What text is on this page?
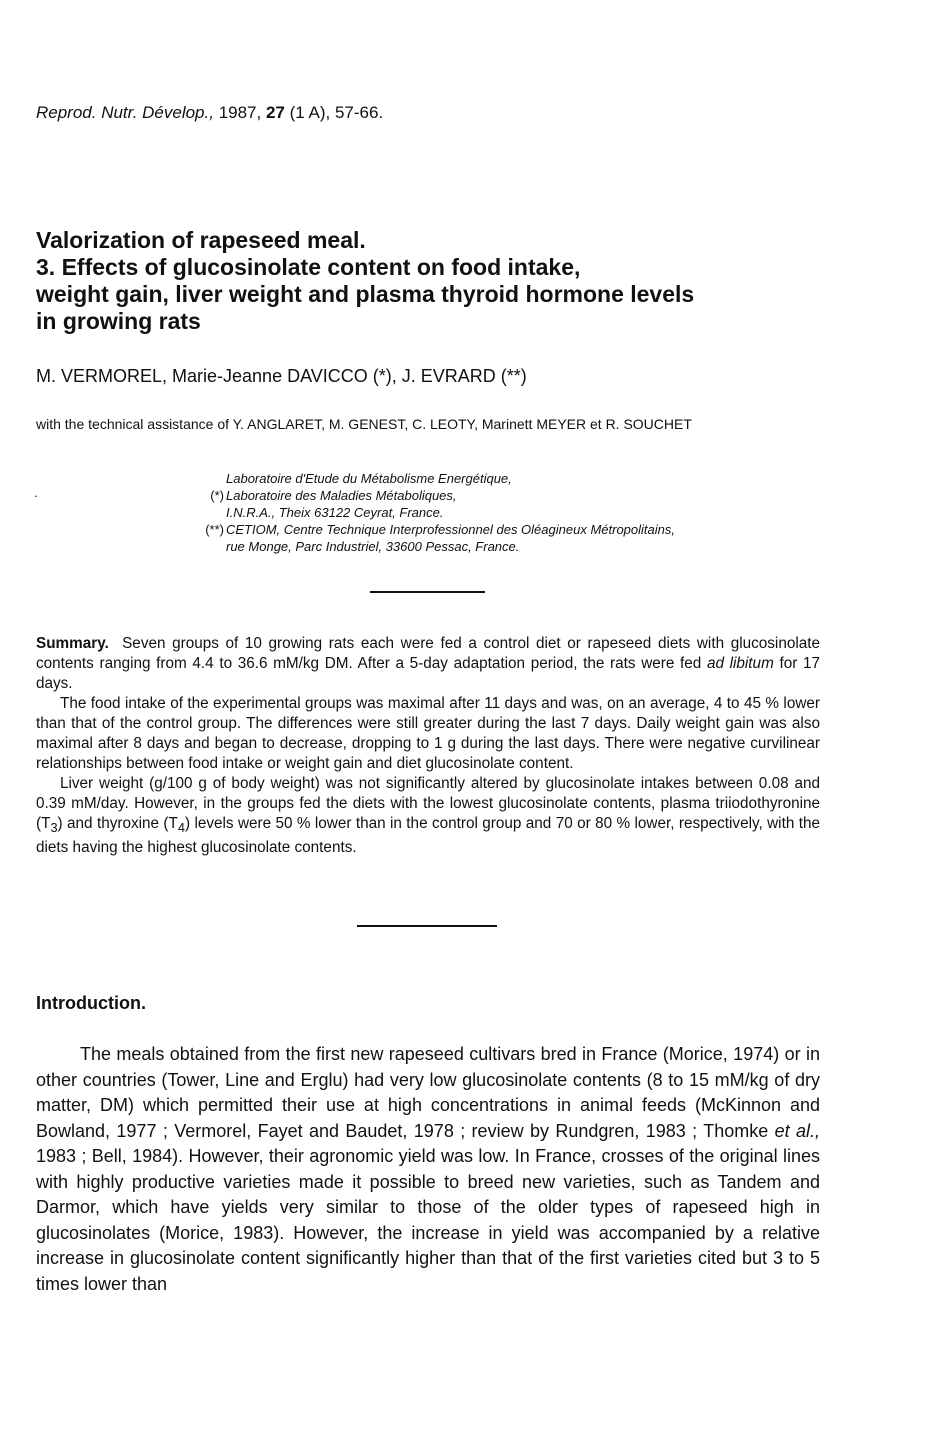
Reprod. Nutr. Dévelop., 1987, 27 (1 A), 57-66.
Valorization of rapeseed meal.
3. Effects of glucosinolate content on food intake,
weight gain, liver weight and plasma thyroid hormone levels
in growing rats
M. VERMOREL, Marie-Jeanne DAVICCO (*), J. EVRARD (**)
with the technical assistance of Y. ANGLARET, M. GENEST, C. LEOTY, Marinett MEYER et R. SOUCHET
.
Laboratoire d'Etude du Métabolisme Energétique,
(*) Laboratoire des Maladies Métaboliques,
I.N.R.A., Theix 63122 Ceyrat, France.
(**) CETIOM, Centre Technique Interprofessionnel des Oléagineux Métropolitains,
rue Monge, Parc Industriel, 33600 Pessac, France.

Summary. Seven groups of 10 growing rats each were fed a control diet or rapeseed diets with glucosinolate contents ranging from 4.4 to 36.6 mM/kg DM. After a 5-day adaptation period, the rats were fed ad libitum for 17 days.

The food intake of the experimental groups was maximal after 11 days and was, on an average, 4 to 45 % lower than that of the control group. The differences were still greater during the last 7 days. Daily weight gain was also maximal after 8 days and began to decrease, dropping to 1 g during the last days. There were negative curvilinear relationships between food intake or weight gain and diet glucosinolate content.

Liver weight (g/100 g of body weight) was not significantly altered by glucosinolate intakes between 0.08 and 0.39 mM/day. However, in the groups fed the diets with the lowest glucosinolate contents, plasma triiodothyronine $(T_3)$ and thyroxine $(T_4)$ levels were 50 % lower than in the control group and 70 or 80 % lower, respectively, with the diets having the highest glucosinolate contents.

Introduction.

The meals obtained from the first new rapeseed cultivars bred in France (Morice, 1974) or in other countries (Tower, Line and Erglu) had very low glucosinolate contents (8 to 15 mM/kg of dry matter, DM) which permitted their use at high concentrations in animal feeds (McKinnon and Bowland, 1977 ; Vermorel, Fayet and Baudet, 1978 ; review by Rundgren, 1983 ; Thomke et al., 1983 ; Bell, 1984). However, their agronomic yield was low. In France, crosses of the original lines with highly productive varieties made it possible to breed new varieties, such as Tandem and Darmor, which have yields very similar to those of the older types of rapeseed high in glucosinolates (Morice, 1983). However, the increase in yield was accompanied by a relative increase in glucosinolate content significantly higher than that of the first varieties cited but 3 to 5 times lower than
